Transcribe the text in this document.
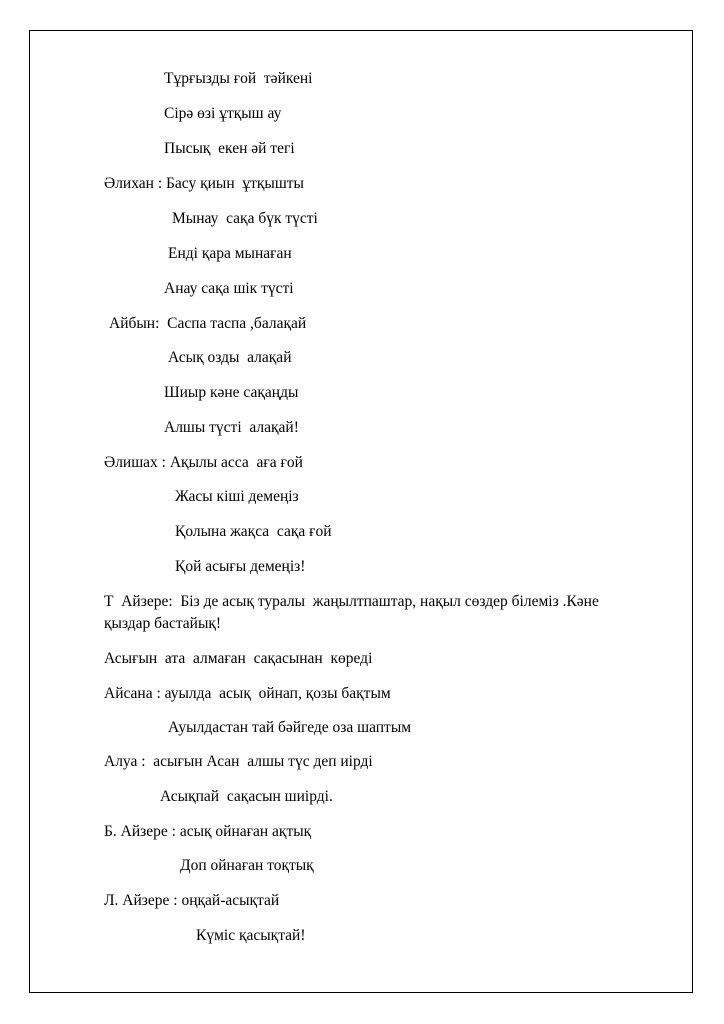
Тұрғызды ғой  тәйкені

Сірә өзі ұтқыш ау

Пысық  екен әй тегі

Әлихан : Басу қиын  ұтқышты

Мынау  сақа бүк түсті

Енді қара мынаған

Анау сақа шік түсті

Айбын:  Саспа таспа ,балақай

Асық озды  алақай

Шиыр кәне сақаңды

Алшы түсті  алақай!

Әлишах : Ақылы асса  аға ғой

Жасы кіші демеңіз

Қолына жақса  сақа ғой

Қой асығы демеңіз!

Т  Айзере:  Біз де асық туралы  жаңылтпаштар, нақыл сөздер білеміз .Кәне

қыздар бастайық!

Асығын  ата  алмаған  сақасынан  көреді

Айсана : ауылда  асық  ойнап, қозы бақтым

Ауылдастан тай бәйгеде оза шаптым

Алуа :  асығын Асан  алшы түс деп иірді

Асықпай  сақасын шиірді.

Б. Айзере : асық ойнаған ақтық

Доп ойнаған тоқтық

Л. Айзере : оңқай-асықтай

Күміс қасықтай!
